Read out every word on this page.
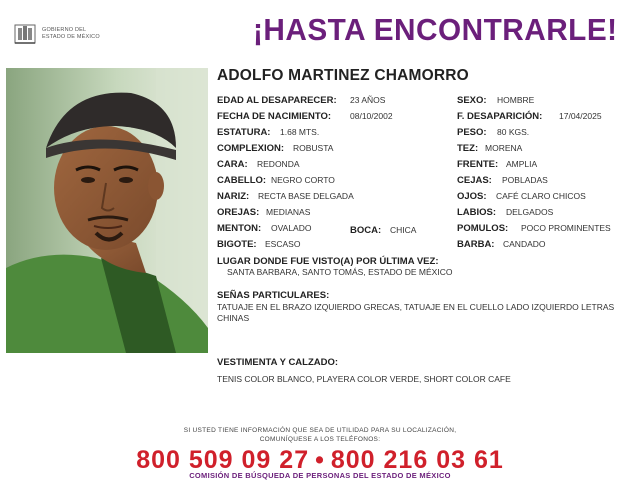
GOBIERNO DEL
ESTADO DE MÉXICO	¡HASTA ENCONTRARLE!
ADOLFO MARTINEZ CHAMORRO
EDAD AL DESAPARECER: 23 AÑOS
FECHA DE NACIMIENTO: 08/10/2002
ESTATURA: 1.68 MTS.
COMPLEXION: ROBUSTA
CARA: REDONDA
CABELLO: NEGRO CORTO
NARIZ: RECTA BASE DELGADA
OREJAS: MEDIANAS
MENTON: OVALADO	BOCA: CHICA
BIGOTE: ESCASO
SEXO: HOMBRE
F. DESAPARICIÓN: 17/04/2025
PESO: 80 KGS.
TEZ: MORENA
FRENTE: AMPLIA
CEJAS: POBLADAS
OJOS: CAFÉ CLARO CHICOS
LABIOS: DELGADOS
POMULOS: POCO PROMINENTES
BARBA: CANDADO
LUGAR DONDE FUE VISTO(A) POR ÚLTIMA VEZ:
SANTA BARBARA, SANTO TOMÁS, ESTADO DE MÉXICO
SEÑAS PARTICULARES:
TATUAJE EN EL BRAZO IZQUIERDO GRECAS, TATUAJE EN EL CUELLO LADO IZQUIERDO LETRAS CHINAS
VESTIMENTA Y CALZADO:
TENIS COLOR BLANCO, PLAYERA COLOR VERDE, SHORT COLOR CAFE
SI USTED TIENE INFORMACIÓN QUE SEA DE UTILIDAD PARA SU LOCALIZACIÓN,
COMUNÍQUESE A LOS TELÉFONOS:
800 509 09 27 • 800 216 03 61
COMISIÓN DE BÚSQUEDA DE PERSONAS DEL ESTADO DE MÉXICO
